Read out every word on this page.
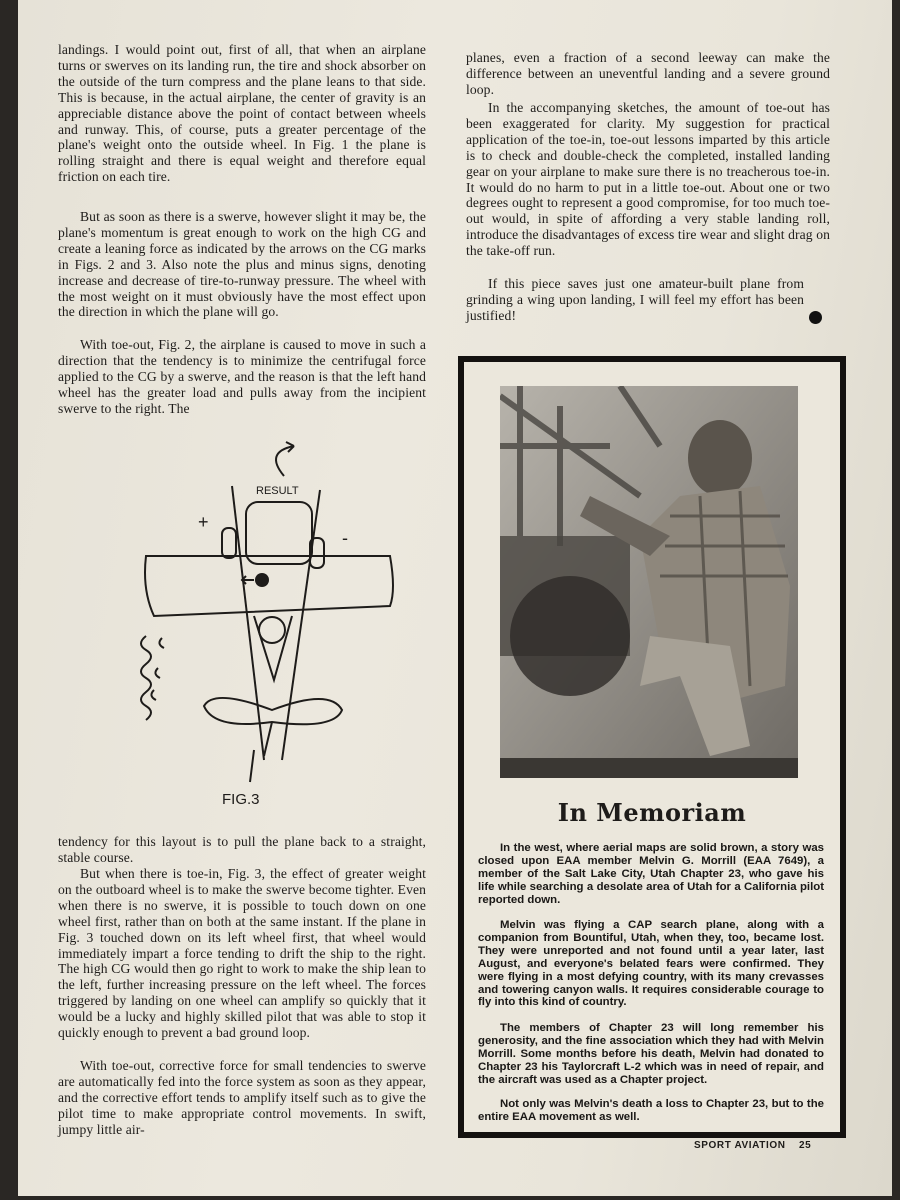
landings. I would point out, first of all, that when an airplane turns or swerves on its landing run, the tire and shock absorber on the outside of the turn compress and the plane leans to that side. This is because, in the actual airplane, the center of gravity is an appreciable distance above the point of contact between wheels and runway. This, of course, puts a greater percentage of the plane's weight onto the outside wheel. In Fig. 1 the plane is rolling straight and there is equal weight and therefore equal friction on each tire.

But as soon as there is a swerve, however slight it may be, the plane's momentum is great enough to work on the high CG and create a leaning force as indicated by the arrows on the CG marks in Figs. 2 and 3. Also note the plus and minus signs, denoting increase and decrease of tire-to-runway pressure. The wheel with the most weight on it must obviously have the most effect upon the direction in which the plane will go.

With toe-out, Fig. 2, the airplane is caused to move in such a direction that the tendency is to minimize the centrifugal force applied to the CG by a swerve, and the reason is that the left hand wheel has the greater load and pulls away from the incipient swerve to the right. The

RESULT
+
-
FIG.3

tendency for this layout is to pull the plane back to a straight, stable course.

But when there is toe-in, Fig. 3, the effect of greater weight on the outboard wheel is to make the swerve become tighter. Even when there is no swerve, it is possible to touch down on one wheel first, rather than on both at the same instant. If the plane in Fig. 3 touched down on its left wheel first, that wheel would immediately impart a force tending to drift the ship to the right. The high CG would then go right to work to make the ship lean to the left, further increasing pressure on the left wheel. The forces triggered by landing on one wheel can amplify so quickly that it would be a lucky and highly skilled pilot that was able to stop it quickly enough to prevent a bad ground loop.

With toe-out, corrective force for small tendencies to swerve are automatically fed into the force system as soon as they appear, and the corrective effort tends to amplify itself such as to give the pilot time to make appropriate control movements. In swift, jumpy little air-

planes, even a fraction of a second leeway can make the difference between an uneventful landing and a severe ground loop.

In the accompanying sketches, the amount of toe-out has been exaggerated for clarity. My suggestion for practical application of the toe-in, toe-out lessons imparted by this article is to check and double-check the completed, installed landing gear on your airplane to make sure there is no treacherous toe-in. It would do no harm to put in a little toe-out. About one or two degrees ought to represent a good compromise, for too much toe-out would, in spite of affording a very stable landing roll, introduce the disadvantages of excess tire wear and slight drag on the take-off run.

If this piece saves just one amateur-built plane from grinding a wing upon landing, I will feel my effort has been justified!

In Memoriam

In the west, where aerial maps are solid brown, a story was closed upon EAA member Melvin G. Morrill (EAA 7649), a member of the Salt Lake City, Utah Chapter 23, who gave his life while searching a desolate area of Utah for a California pilot reported down.

Melvin was flying a CAP search plane, along with a companion from Bountiful, Utah, when they, too, became lost. They were unreported and not found until a year later, last August, and everyone's belated fears were confirmed. They were flying in a most defying country, with its many crevasses and towering canyon walls. It requires considerable courage to fly into this kind of country.

The members of Chapter 23 will long remember his generosity, and the fine association which they had with Melvin Morrill. Some months before his death, Melvin had donated to Chapter 23 his Taylorcraft L-2 which was in need of repair, and the aircraft was used as a Chapter project.

Not only was Melvin's death a loss to Chapter 23, but to the entire EAA movement as well.

SPORT AVIATION 25
